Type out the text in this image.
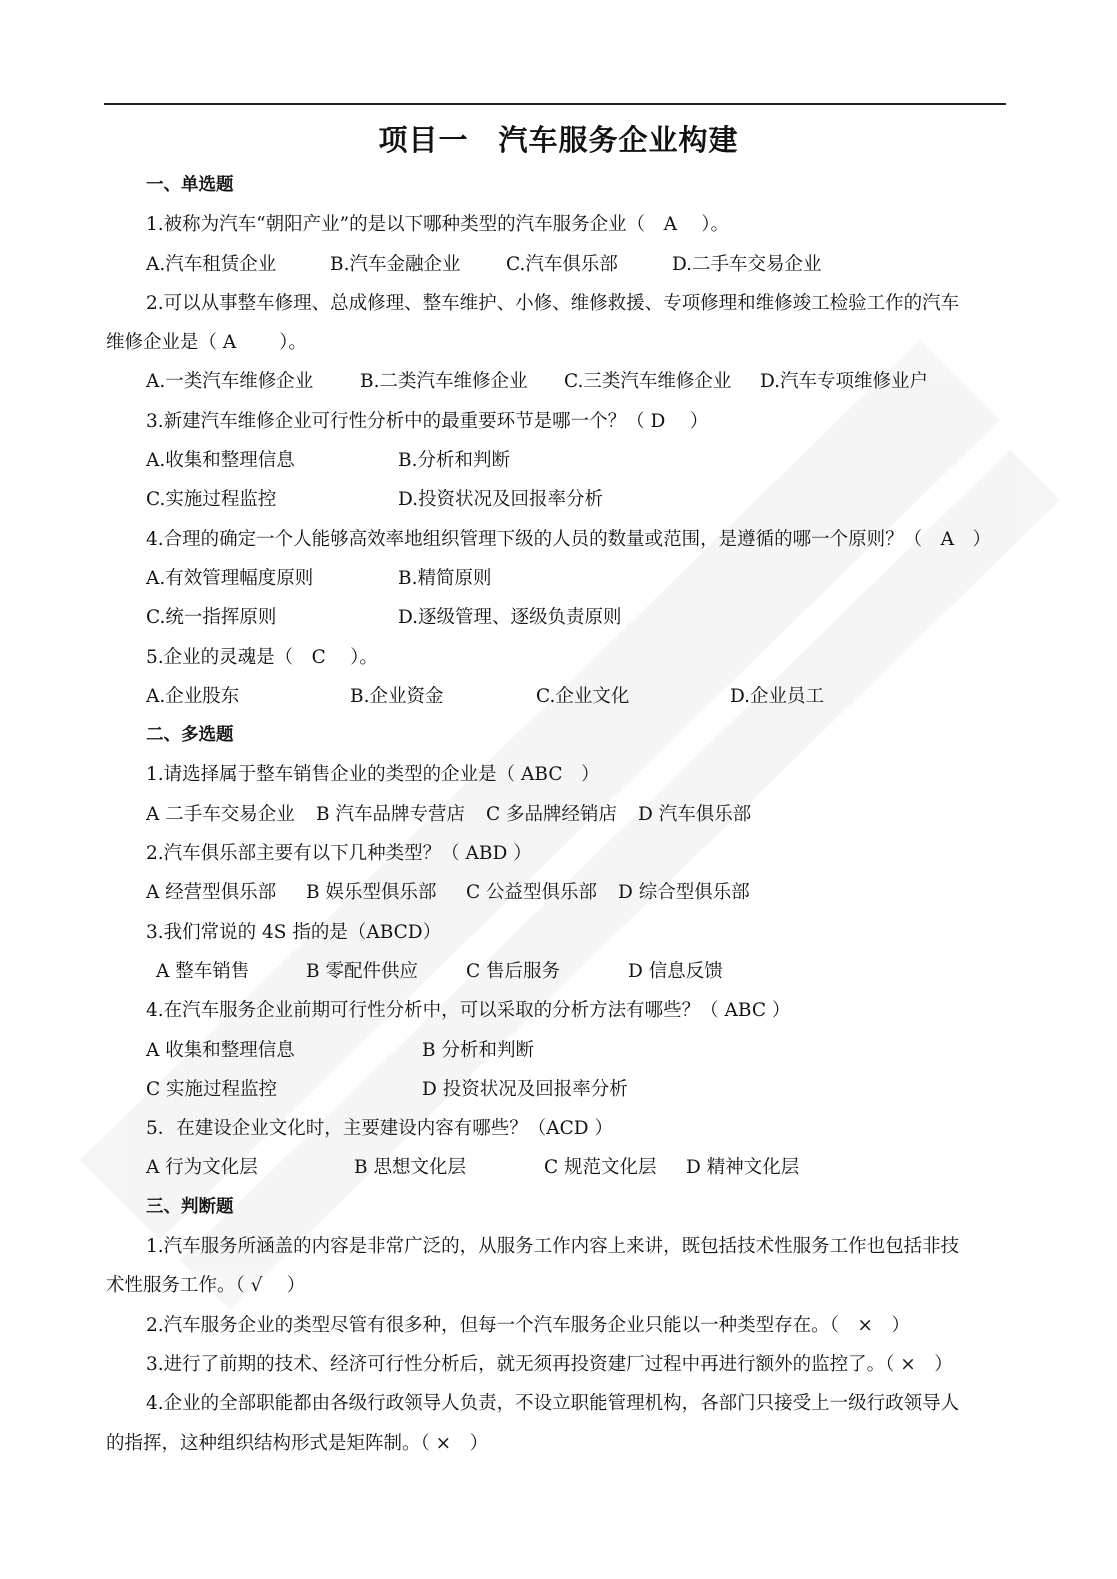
项目一 汽车服务企业构建
一、单选题
1.被称为汽车“朝阳产业”的是以下哪种类型的汽车服务企业（　A　 ）。
A.汽车租赁企业	B.汽车金融企业 C.汽车俱乐部	D.二手车交易企业
2.可以从事整车修理、总成修理、整车维护、小修、维修救援、专项修理和维修竣工检验工作的汽车
维修企业是（ A　　 ）。
A.一类汽车维修企业	B.二类汽车维修企业 C.三类汽车维修企业 D.汽车专项维修业户
3.新建汽车维修企业可行性分析中的最重要环节是哪一个？（ D　 ）
A.收集和整理信息	B.分析和判断
C.实施过程监控	D.投资状况及回报率分析
4.合理的确定一个人能够高效率地组织管理下级的人员的数量或范围，是遵循的哪一个原则？（　A　）
A.有效管理幅度原则	B.精简原则
C.统一指挥原则	D.逐级管理、逐级负责原则
5.企业的灵魂是（　C　 ）。
A.企业股东	B.企业资金	C.企业文化	D.企业员工
二、多选题
1.请选择属于整车销售企业的类型的企业是（ ABC　）
A 二手车交易企业 B 汽车品牌专营店 C 多品牌经销店 D 汽车俱乐部
2.汽车俱乐部主要有以下几种类型？（ ABD ）
A 经营型俱乐部 B 娱乐型俱乐部 C 公益型俱乐部 D 综合型俱乐部
3.我们常说的 4S 指的是（ABCD）
A 整车销售	B 零配件供应	C 售后服务	D 信息反馈
4.在汽车服务企业前期可行性分析中，可以采取的分析方法有哪些？（ ABC ）
A 收集和整理信息	B 分析和判断
C 实施过程监控	D 投资状况及回报率分析
5．在建设企业文化时，主要建设内容有哪些？（ACD ）
A 行为文化层	B 思想文化层	C 规范文化层 D 精神文化层
三、判断题
1.汽车服务所涵盖的内容是非常广泛的，从服务工作内容上来讲，既包括技术性服务工作也包括非技
术性服务工作。（ √　 ）
2.汽车服务企业的类型尽管有很多种，但每一个汽车服务企业只能以一种类型存在。（　×　）
3.进行了前期的技术、经济可行性分析后，就无须再投资建厂过程中再进行额外的监控了。（ ×　）
4.企业的全部职能都由各级行政领导人负责，不设立职能管理机构，各部门只接受上一级行政领导人
的指挥，这种组织结构形式是矩阵制。（ ×　）
